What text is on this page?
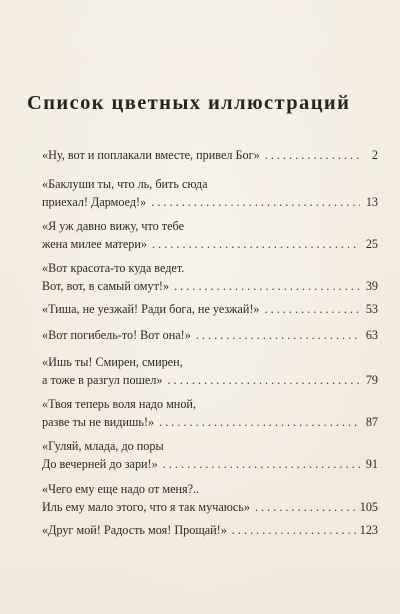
Список цветных иллюстраций
«Ну, вот и поплакали вместе, привел Бог» . . .	2
«Баклуши ты, что ль, бить сюда
приехал! Дармоед!» . . .	13
«Я уж давно вижу, что тебе
жена милее матери» . . .	25
«Вот красота-то куда ведет.
Вот, вот, в самый омут!» . . .	39
«Тиша, не уезжай! Ради бога, не уезжай!» . . .	53
«Вот погибель-то! Вот она!» . . .	63
«Ишь ты! Смирен, смирен,
а тоже в разгул пошел» . . .	79
«Твоя теперь воля надо мной,
разве ты не видишь!» . . .	87
«Гуляй, млада, до поры
До вечерней до зари!» . . .	91
«Чего ему еще надо от меня?..
Иль ему мало этого, что я так мучаюсь» . . .	105
«Друг мой! Радость моя! Прощай!» . . .	123
